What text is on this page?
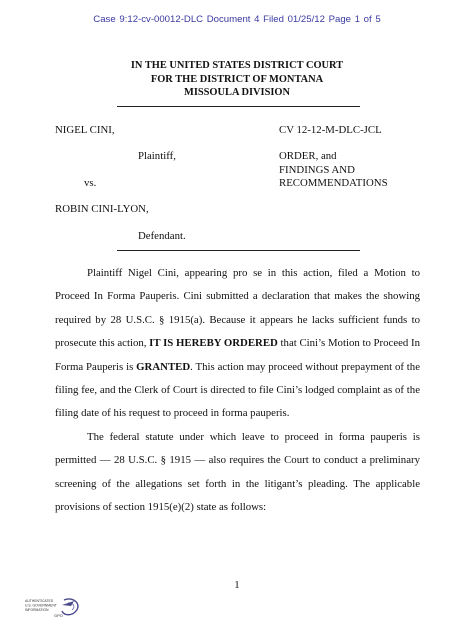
Case 9:12-cv-00012-DLC Document 4 Filed 01/25/12 Page 1 of 5
IN THE UNITED STATES DISTRICT COURT
FOR THE DISTRICT OF MONTANA
MISSOULA DIVISION
NIGEL CINI,
Plaintiff,
vs.
ROBIN CINI-LYON,
Defendant.
CV 12-12-M-DLC-JCL
ORDER, and
FINDINGS AND
RECOMMENDATIONS

Plaintiff Nigel Cini, appearing pro se in this action, filed a Motion to Proceed In Forma Pauperis. Cini submitted a declaration that makes the showing required by 28 U.S.C. § 1915(a). Because it appears he lacks sufficient funds to prosecute this action, IT IS HEREBY ORDERED that Cini’s Motion to Proceed In Forma Pauperis is GRANTED. This action may proceed without prepayment of the filing fee, and the Clerk of Court is directed to file Cini’s lodged complaint as of the filing date of his request to proceed in forma pauperis.

The federal statute under which leave to proceed in forma pauperis is permitted — 28 U.S.C. § 1915 — also requires the Court to conduct a preliminary screening of the allegations set forth in the litigant’s pleading. The applicable provisions of section 1915(e)(2) state as follows:

1
AUTHENTICATED
U.S. GOVERNMENT
INFORMATION
GPO
